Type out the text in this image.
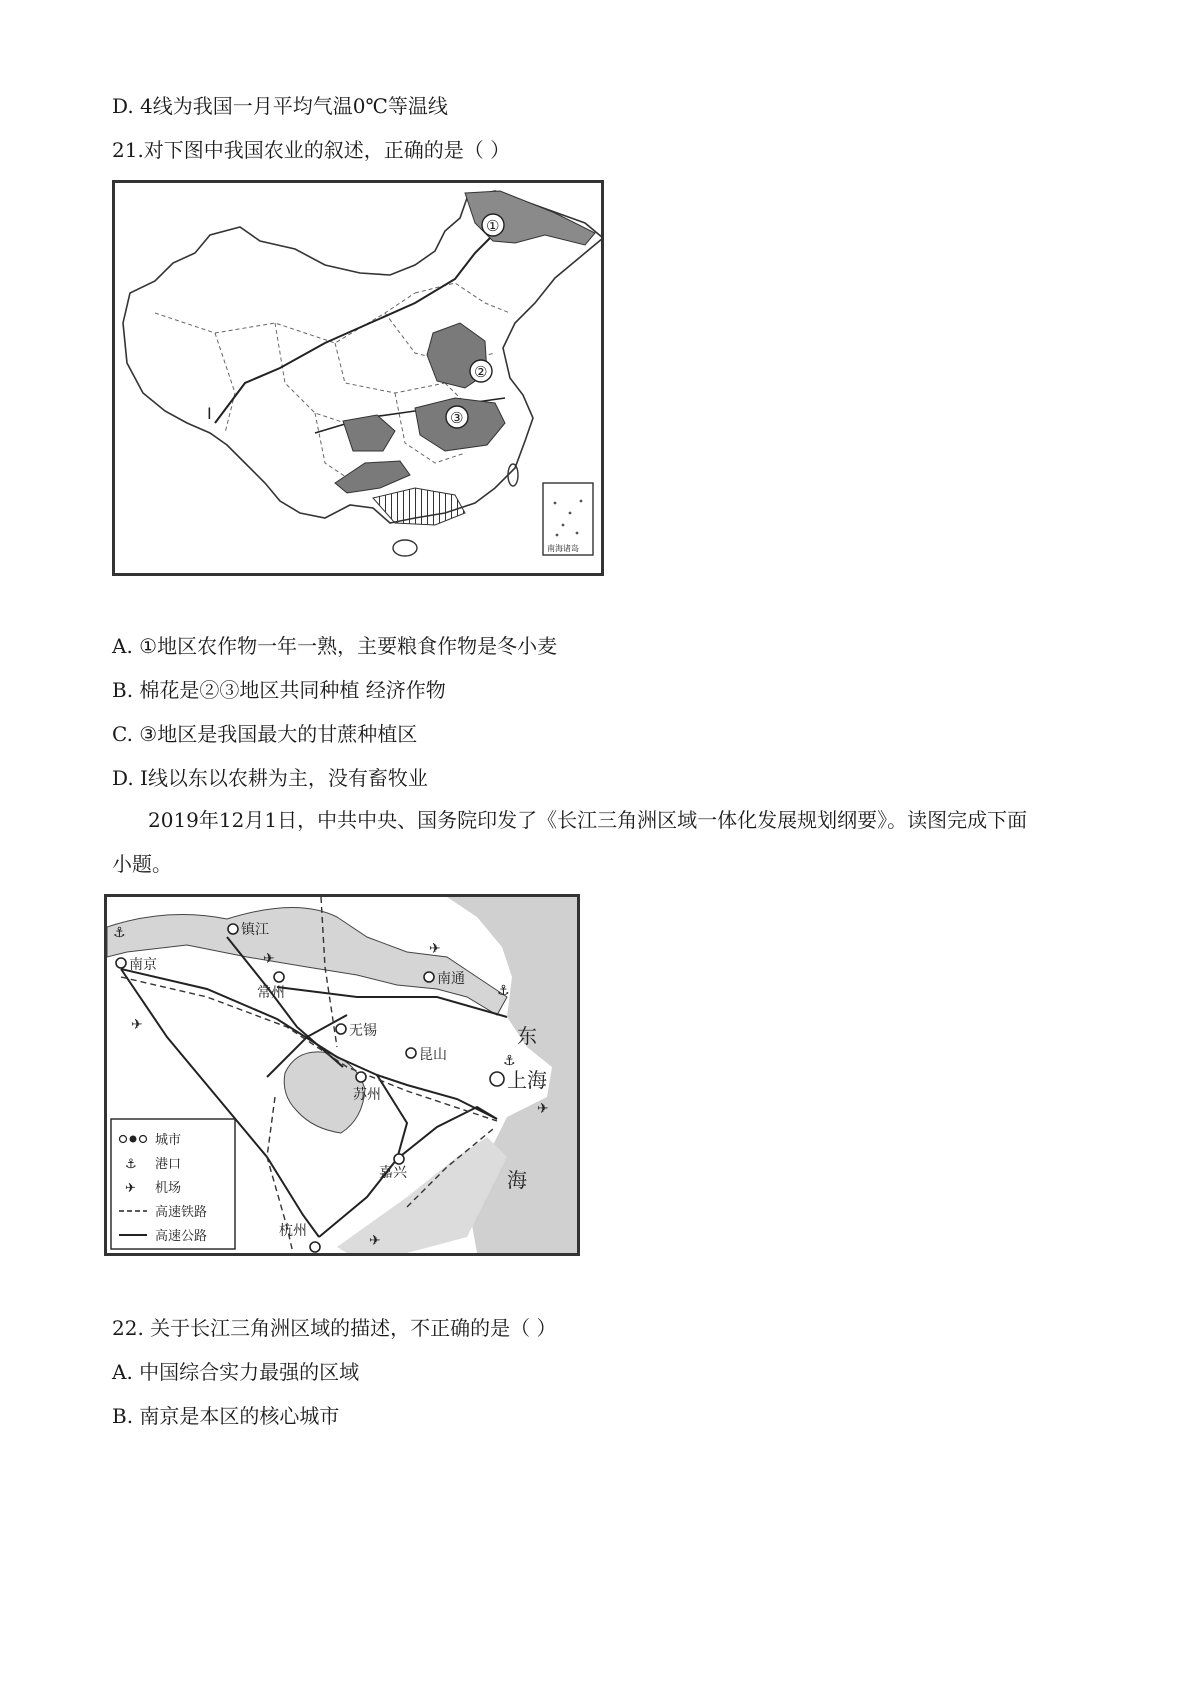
D. 4线为我国一月平均气温0℃等温线
21.对下图中我国农业的叙述，正确的是（ ）
Ⅰ
①
②
③
南海诸岛
A. ①地区农作物一年一熟，主要粮食作物是冬小麦
B. 棉花是②③地区共同种植 经济作物
C. ③地区是我国最大的甘蔗种植区
D. I线以东以农耕为主，没有畜牧业
2019年12月1日，中共中央、国务院印发了《长江三角洲区域一体化发展规划纲要》。读图完成下面
小题。
镇江
南京
常州
南通
无锡
昆山
苏州
上海
嘉兴
杭州
东
海
✈
✈
✈
✈
✈
⚓
⚓
⚓
城市
⚓ 港口
✈ 机场
高速铁路
高速公路
22. 关于长江三角洲区域的描述，不正确的是（ ）
A. 中国综合实力最强的区域
B. 南京是本区的核心城市
